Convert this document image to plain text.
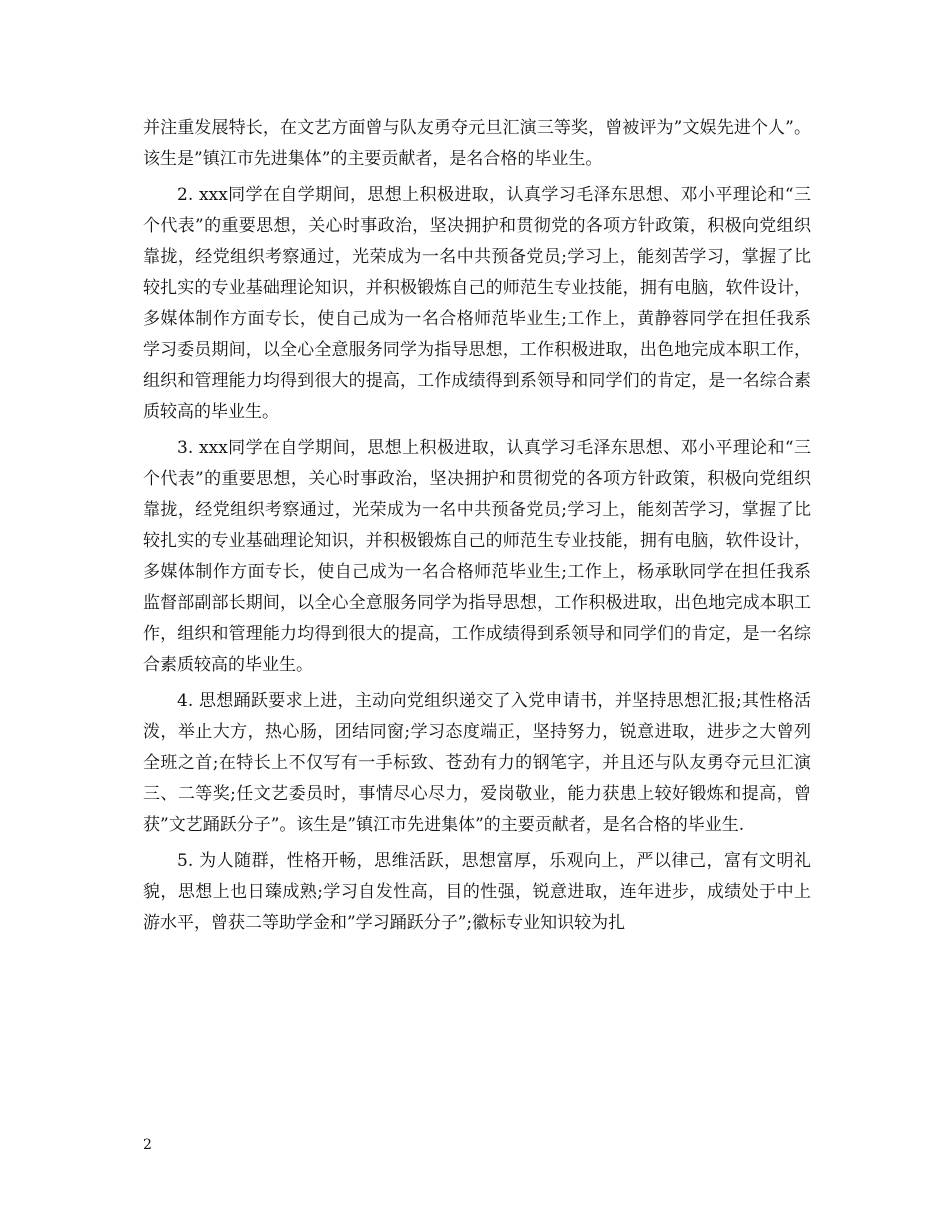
并注重发展特长，在文艺方面曾与队友勇夺元旦汇演三等奖，曾被评为”文娱先进个人”。该生是”镇江市先进集体”的主要贡献者，是名合格的毕业生。

2. xxx同学在自学期间，思想上积极进取，认真学习毛泽东思想、邓小平理论和“三个代表”的重要思想，关心时事政治，坚决拥护和贯彻党的各项方针政策，积极向党组织靠拢，经党组织考察通过，光荣成为一名中共预备党员;学习上，能刻苦学习，掌握了比较扎实的专业基础理论知识，并积极锻炼自己的师范生专业技能，拥有电脑，软件设计，多媒体制作方面专长，使自己成为一名合格师范毕业生;工作上，黄静蓉同学在担任我系学习委员期间，以全心全意服务同学为指导思想，工作积极进取，出色地完成本职工作，组织和管理能力均得到很大的提高，工作成绩得到系领导和同学们的肯定，是一名综合素质较高的毕业生。

3. xxx同学在自学期间，思想上积极进取，认真学习毛泽东思想、邓小平理论和“三个代表”的重要思想，关心时事政治，坚决拥护和贯彻党的各项方针政策，积极向党组织靠拢，经党组织考察通过，光荣成为一名中共预备党员;学习上，能刻苦学习，掌握了比较扎实的专业基础理论知识，并积极锻炼自己的师范生专业技能，拥有电脑，软件设计，多媒体制作方面专长，使自己成为一名合格师范毕业生;工作上，杨承耿同学在担任我系监督部副部长期间，以全心全意服务同学为指导思想，工作积极进取，出色地完成本职工作，组织和管理能力均得到很大的提高，工作成绩得到系领导和同学们的肯定，是一名综合素质较高的毕业生。

4. 思想踊跃要求上进，主动向党组织递交了入党申请书，并坚持思想汇报;其性格活泼，举止大方，热心肠，团结同窗;学习态度端正，坚持努力，锐意进取，进步之大曾列全班之首;在特长上不仅写有一手标致、苍劲有力的钢笔字，并且还与队友勇夺元旦汇演三、二等奖;任文艺委员时，事情尽心尽力，爱岗敬业，能力获患上较好锻炼和提高，曾获”文艺踊跃分子”。该生是”镇江市先进集体”的主要贡献者，是名合格的毕业生.

5. 为人随群，性格开畅，思维活跃，思想富厚，乐观向上，严以律己，富有文明礼貌，思想上也日臻成熟;学习自发性高，目的性强，锐意进取，连年进步，成绩处于中上游水平，曾获二等助学金和”学习踊跃分子”;徽标专业知识较为扎

2
